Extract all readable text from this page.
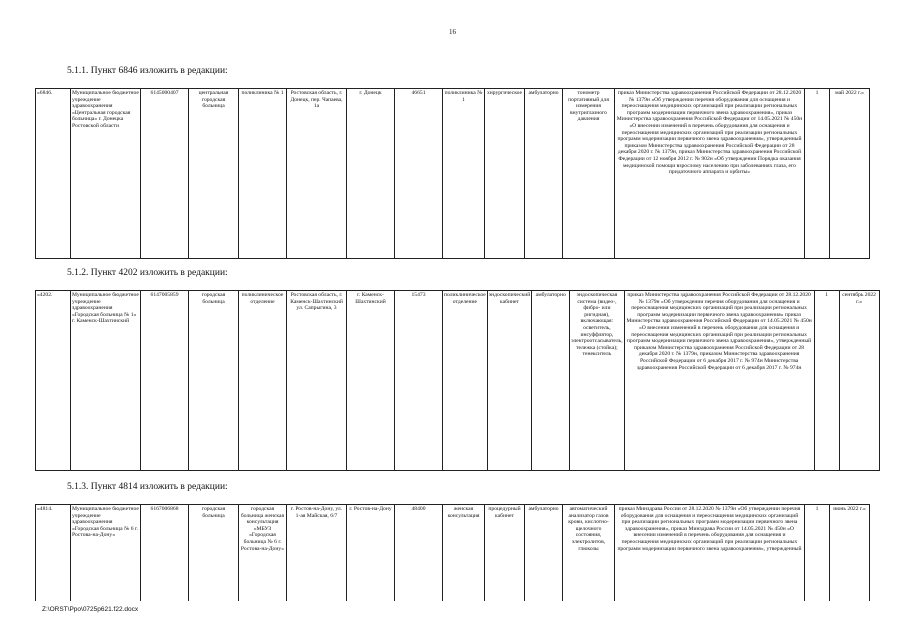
16
5.1.1. Пункт 6846 изложить в редакции:
«6846.	Муниципальное бюджетное учреждение здравоохранения «Центральная городская больница» г. Донецка Ростовской области	6145000407	центральная городская больница	поликлиника № 1	Ростовская область, г. Донецк, пер. Чапаева, 1а	г. Донецк	46651	поликлиника № 1	хирургическое	амбулаторно	тонометр портативный для измерения внутриглазного давления	приказ Министерства здравоохранения Российской Федерации от 28.12.2020 № 1379н «Об утверждении перечня оборудования для оснащения и переоснащения медицинских организаций при реализации региональных программ модернизации первичного звена здравоохранения», приказ Министерства здравоохранения Российской Федерации от 14.05.2021 № 450н «О внесении изменений в перечень оборудования для оснащения и переоснащения медицинских организаций при реализации региональных программ модернизации первичного звена здравоохранения», утвержденный приказом Министерства здравоохранения Российской Федерации от 28 декабря 2020 г. № 1379н, приказ Министерства здравоохранения Российской Федерации от 12 ноября 2012 г. № 902н «Об утверждении Порядка оказания медицинской помощи взрослому населению при заболеваниях глаза, его придаточного аппарата и орбиты»	1	май 2022 г.»
5.1.2. Пункт 4202 изложить в редакции:
«4202.	Муниципальное бюджетное учреждение здравоохранения «Городская больница № 1» г. Каменск-Шахтинский	6147005859	городская больница	поликлиническое отделение	Ростовская область, г. Каменск-Шахтинский ул. Сапрыгина, 3	г. Каменск-Шахтинский	15473	поликлиническое отделение	эндоскопический кабинет	амбулаторно	эндоскопическая система (видео-, фибро- или ригидная), включающая: осветитель, инсуффлятор, электроотсасыватель, тележка (стойка); тенекситель	приказ Министерства здравоохранения Российской Федерации от 28.12.2020 № 1379н «Об утверждении перечня оборудования для оснащения и переоснащения медицинских организаций при реализации региональных программ модернизации первичного звена здравоохранения» приказ Министерства здравоохранения Российской Федерации от 14.05.2021 № 450н «О внесении изменений в перечень оборудования для оснащения и переоснащения медицинских организаций при реализации региональных программ модернизации первичного звена здравоохранения», утвержденный приказом Министерства здравоохранения Российской Федерации от 28 декабря 2020 г. № 1379н, приказом Министерства здравоохранения Российской Федерации от 6 декабря 2017 г. № 974н Министерства здравоохранения Российской Федерации от 6 декабря 2017 г. № 974н	1	сентябрь 2022 г.»
5.1.3. Пункт 4814 изложить в редакции:
«4814.	Муниципальное бюджетное учреждение здравоохранения «Городская больница № 6 г. Ростова-на-Дону»	6167006868	городская больница	городская больница женская консультация «МБУЗ «Городская больница № 6 г. Ростова-на-Дону»	г. Ростов-на-Дону, ул. 1-ая Майская, 6/7	г. Ростов-на-Дону	48400	женская консультация	процедурный кабинет	амбулаторно	автоматический анализатор газов крови, кислотно-щелочного состояния, электролитов, глюкозы	приказ Минздрава России от 28.12.2020 № 1379н «Об утверждении перечня оборудования для оснащения и переоснащения медицинских организаций при реализации региональных программ модернизации первичного звена здравоохранения», приказ Минздрава России от 14.05.2021 № 450н «О внесении изменений в перечень оборудования для оснащения и переоснащения медицинских организаций при реализации региональных программ модернизации первичного звена здравоохранения», утвержденный	1	июнь 2022 г.»
Z:\ORST\Ppo\0725p621.f22.docx
